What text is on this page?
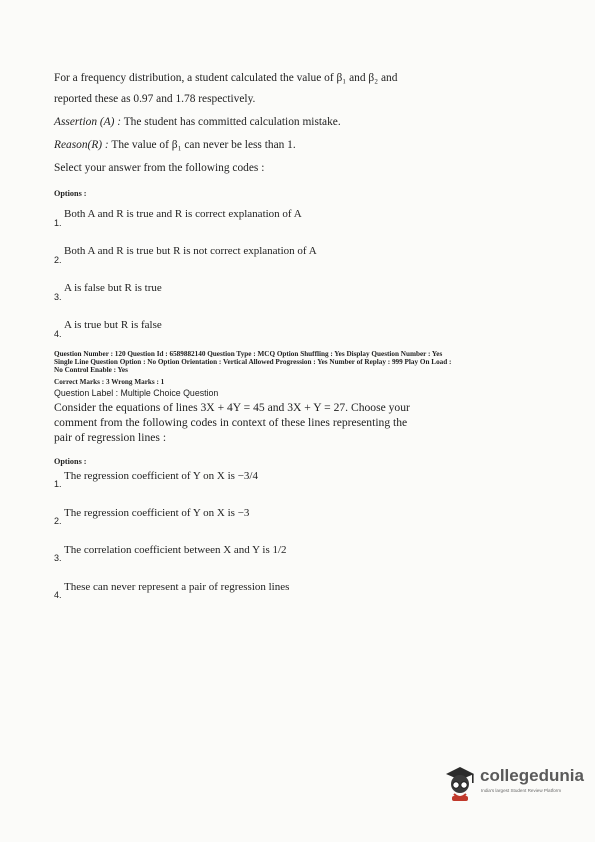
For a frequency distribution, a student calculated the value of β₁ and β₂ and
reported these as 0.97 and 1.78 respectively.
Assertion (A) : The student has committed calculation mistake.
Reason(R) : The value of β₁ can never be less than 1.
Select your answer from the following codes :
Options :
1.
Both A and R is true and R is correct explanation of A
2.
Both A and R is true but R is not correct explanation of A
3.
A is false but R is true
4.
A is true but R is false
Question Number : 120 Question Id : 6589882140 Question Type : MCQ Option Shuffling : Yes Display Question Number : Yes
Single Line Question Option : No Option Orientation : Vertical Allowed Progression : Yes Number of Replay : 999 Play On Load :
No Control Enable : Yes
Correct Marks : 3 Wrong Marks : 1
Question Label : Multiple Choice Question
Consider the equations of lines 3X + 4Y = 45 and 3X + Y = 27. Choose your
comment from the following codes in context of these lines representing the
pair of regression lines :
Options :
1.
The regression coefficient of Y on X is −3/4
2.
The regression coefficient of Y on X is −3
3.
The correlation coefficient between X and Y is 1/2
4.
These can never represent a pair of regression lines
collegedunia
India's largest Student Review Platform
